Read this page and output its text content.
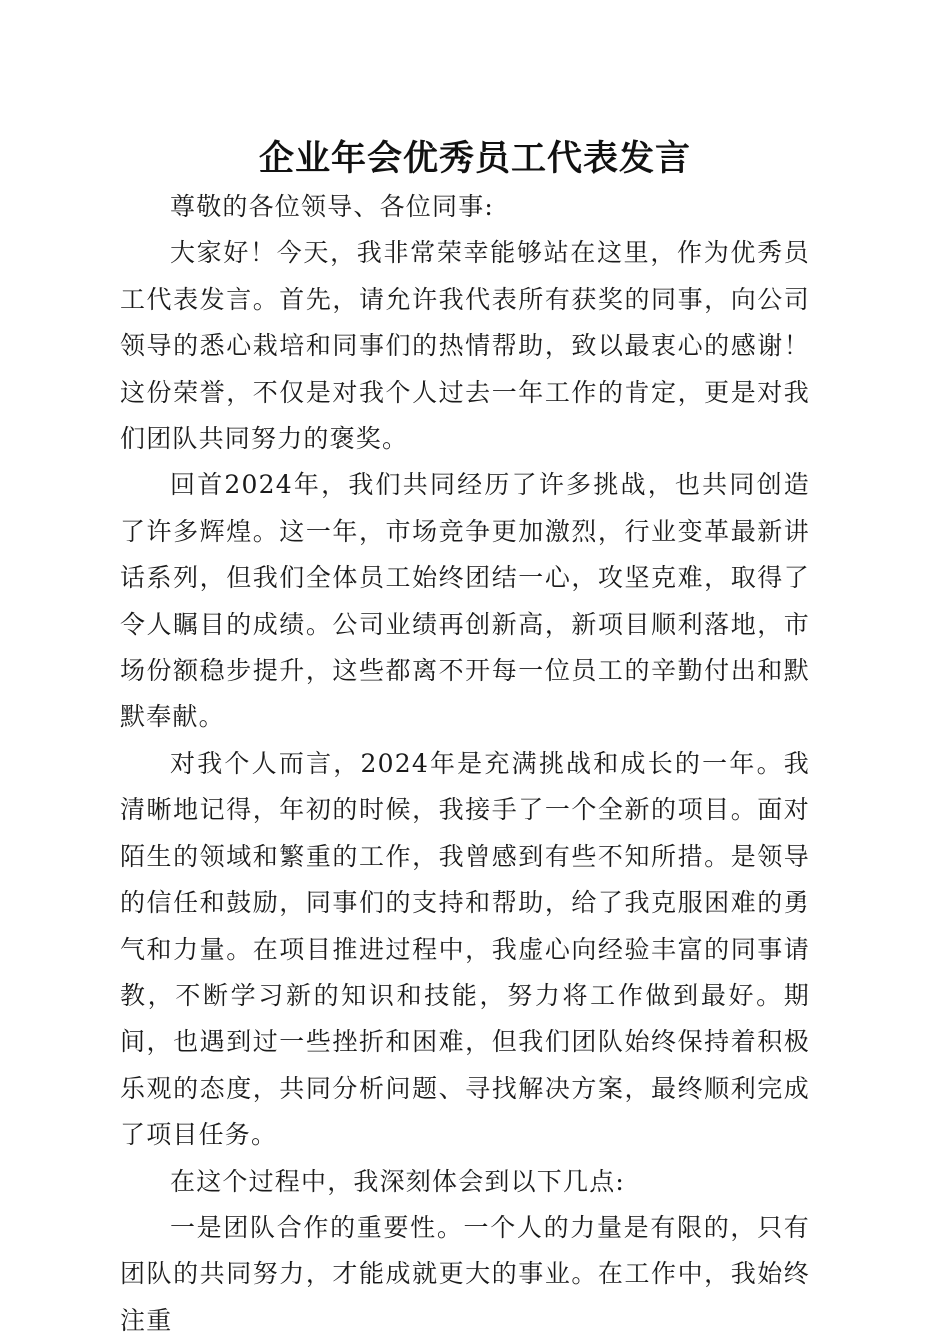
企业年会优秀员工代表发言

尊敬的各位领导、各位同事:

大家好！今天，我非常荣幸能够站在这里，作为优秀员工代表发言。首先，请允许我代表所有获奖的同事，向公司领导的悉心栽培和同事们的热情帮助，致以最衷心的感谢！这份荣誉，不仅是对我个人过去一年工作的肯定，更是对我们团队共同努力的褒奖。

回首2024年，我们共同经历了许多挑战，也共同创造了许多辉煌。这一年，市场竞争更加激烈，行业变革最新讲话系列，但我们全体员工始终团结一心，攻坚克难，取得了令人瞩目的成绩。公司业绩再创新高，新项目顺利落地，市场份额稳步提升，这些都离不开每一位员工的辛勤付出和默默奉献。

对我个人而言，2024年是充满挑战和成长的一年。我清晰地记得，年初的时候，我接手了一个全新的项目。面对陌生的领域和繁重的工作，我曾感到有些不知所措。是领导的信任和鼓励，同事们的支持和帮助，给了我克服困难的勇气和力量。在项目推进过程中，我虚心向经验丰富的同事请教，不断学习新的知识和技能，努力将工作做到最好。期间，也遇到过一些挫折和困难，但我们团队始终保持着积极乐观的态度，共同分析问题、寻找解决方案，最终顺利完成了项目任务。

在这个过程中，我深刻体会到以下几点:

一是团队合作的重要性。一个人的力量是有限的，只有团队的共同努力，才能成就更大的事业。在工作中，我始终注重
